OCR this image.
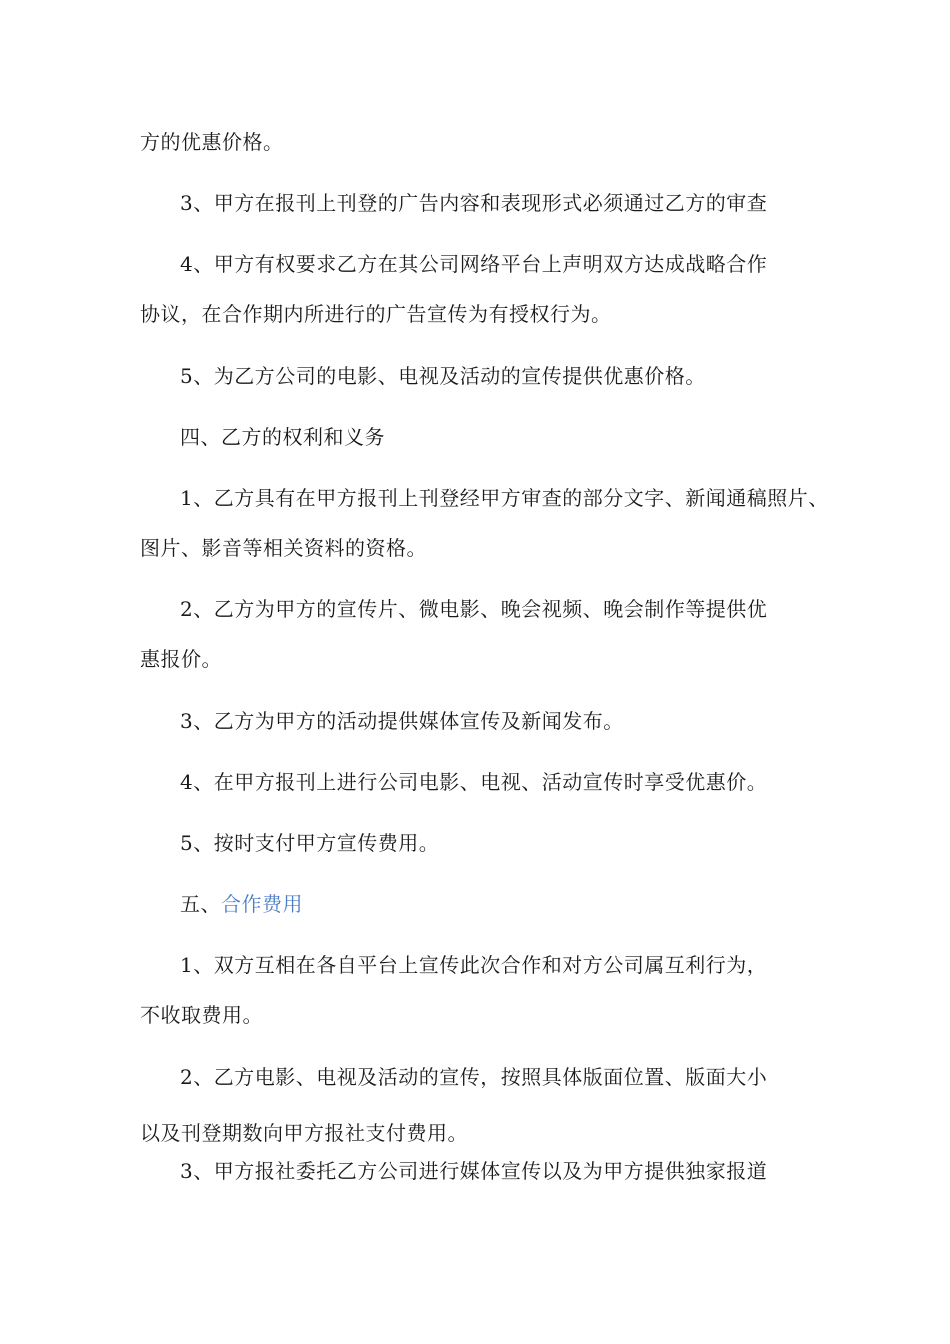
方的优惠价格。
3、甲方在报刊上刊登的广告内容和表现形式必须通过乙方的审查
4、甲方有权要求乙方在其公司网络平台上声明双方达成战略合作
协议，在合作期内所进行的广告宣传为有授权行为。
5、为乙方公司的电影、电视及活动的宣传提供优惠价格。
四、乙方的权利和义务
1、乙方具有在甲方报刊上刊登经甲方审查的部分文字、新闻通稿照片、
图片、影音等相关资料的资格。
2、乙方为甲方的宣传片、微电影、晚会视频、晚会制作等提供优
惠报价。
3、乙方为甲方的活动提供媒体宣传及新闻发布。
4、在甲方报刊上进行公司电影、电视、活动宣传时享受优惠价。
5、按时支付甲方宣传费用。
五、合作费用
1、双方互相在各自平台上宣传此次合作和对方公司属互利行为，
不收取费用。
2、乙方电影、电视及活动的宣传，按照具体版面位置、版面大小
以及刊登期数向甲方报社支付费用。
3、甲方报社委托乙方公司进行媒体宣传以及为甲方提供独家报道
